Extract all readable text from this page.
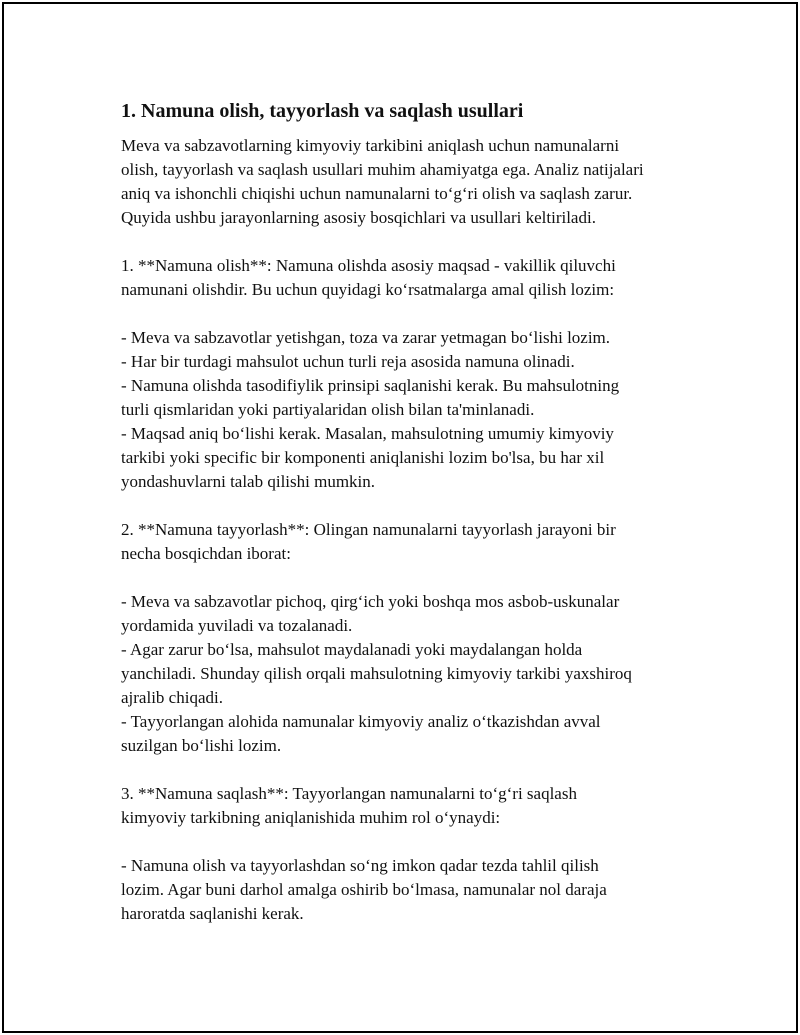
1. Namuna olish, tayyorlash va saqlash usullari

Meva va sabzavotlarning kimyoviy tarkibini aniqlash uchun namunalarni
olish, tayyorlash va saqlash usullari muhim ahamiyatga ega. Analiz natijalari
aniq va ishonchli chiqishi uchun namunalarni to‘g‘ri olish va saqlash zarur.
Quyida ushbu jarayonlarning asosiy bosqichlari va usullari keltiriladi.

1. **Namuna olish**: Namuna olishda asosiy maqsad - vakillik qiluvchi
namunani olishdir. Bu uchun quyidagi ko‘rsatmalarga amal qilish lozim:

- Meva va sabzavotlar yetishgan, toza va zarar yetmagan bo‘lishi lozim.
- Har bir turdagi mahsulot uchun turli reja asosida namuna olinadi.
- Namuna olishda tasodifiylik prinsipi saqlanishi kerak. Bu mahsulotning
turli qismlaridan yoki partiyalaridan olish bilan ta'minlanadi.
- Maqsad aniq bo‘lishi kerak. Masalan, mahsulotning umumiy kimyoviy
tarkibi yoki specific bir komponenti aniqlanishi lozim bo'lsa, bu har xil
yondashuvlarni talab qilishi mumkin.

2. **Namuna tayyorlash**: Olingan namunalarni tayyorlash jarayoni bir
necha bosqichdan iborat:

- Meva va sabzavotlar pichoq, qirg‘ich yoki boshqa mos asbob-uskunalar
yordamida yuviladi va tozalanadi.
- Agar zarur bo‘lsa, mahsulot maydalanadi yoki maydalangan holda
yanchiladi. Shunday qilish orqali mahsulotning kimyoviy tarkibi yaxshiroq
ajralib chiqadi.
- Tayyorlangan alohida namunalar kimyoviy analiz o‘tkazishdan avval
suzilgan bo‘lishi lozim.

3. **Namuna saqlash**: Tayyorlangan namunalarni to‘g‘ri saqlash
kimyoviy tarkibning aniqlanishida muhim rol o‘ynaydi:

- Namuna olish va tayyorlashdan so‘ng imkon qadar tezda tahlil qilish
lozim. Agar buni darhol amalga oshirib bo‘lmasa, namunalar nol daraja
haroratda saqlanishi kerak.
